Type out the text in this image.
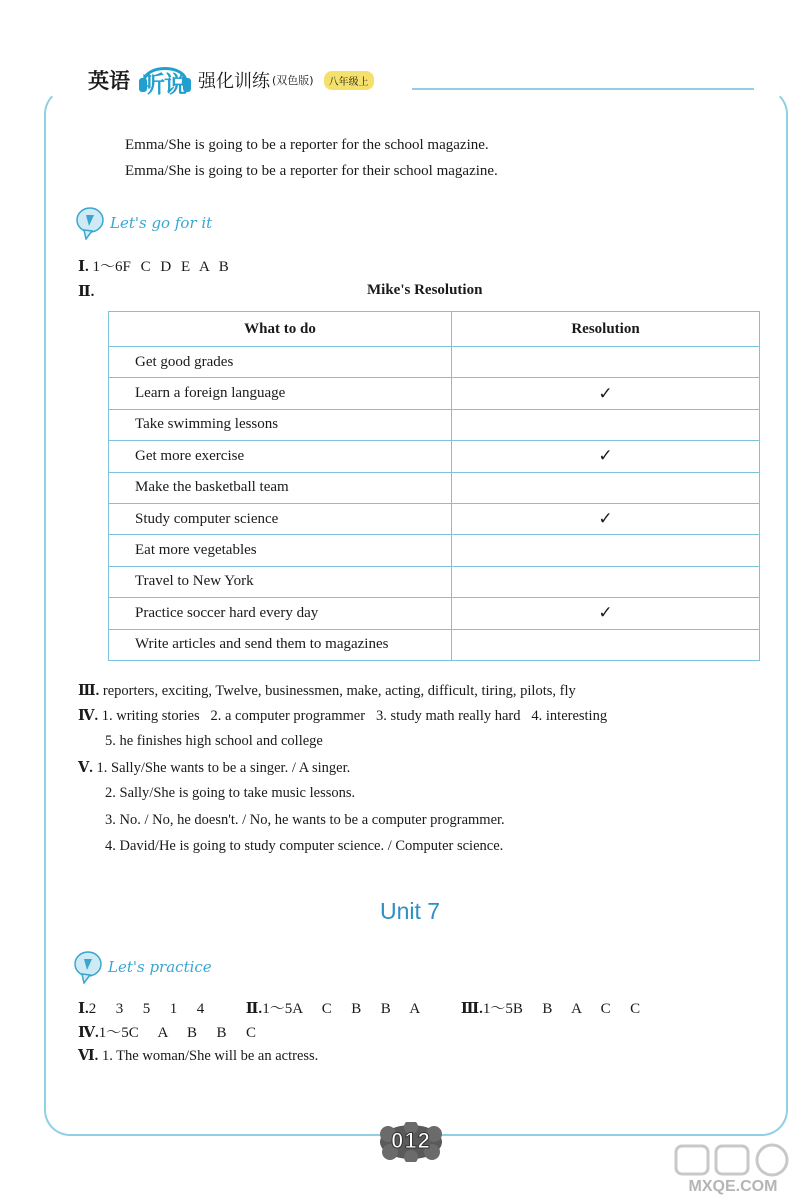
英语 听说 强化训练 (双色版)	八年级上
Emma/She is going to be a reporter for the school magazine.
Emma/She is going to be a reporter for their school magazine.
Let's go for it
Ⅰ. 1～6F C D E A B
Ⅱ.	Mike's Resolution
What to do	Resolution
Get good grades	
Learn a foreign language	✓
Take swimming lessons	
Get more exercise	✓
Make the basketball team	
Study computer science	✓
Eat more vegetables	
Travel to New York	
Practice soccer hard every day	✓
Write articles and send them to magazines	
Ⅲ. reporters, exciting, Twelve, businessmen, make, acting, difficult, tiring, pilots, fly
Ⅳ. 1. writing stories   2. a computer programmer   3. study math really hard   4. interesting
5. he finishes high school and college
Ⅴ. 1. Sally/She wants to be a singer. / A singer.
2. Sally/She is going to take music lessons.
3. No. / No, he doesn't. / No, he wants to be a computer programmer.
4. David/He is going to study computer science. / Computer science.
Unit 7
Let's practice
Ⅰ.2  3  5  1  4	Ⅱ.1～5A  C  B  B  A	Ⅲ.1～5B  B  A  C  C
Ⅳ.1～5C  A  B  B  C
Ⅵ. 1. The woman/She will be an actress.
012
MXQE.COM
